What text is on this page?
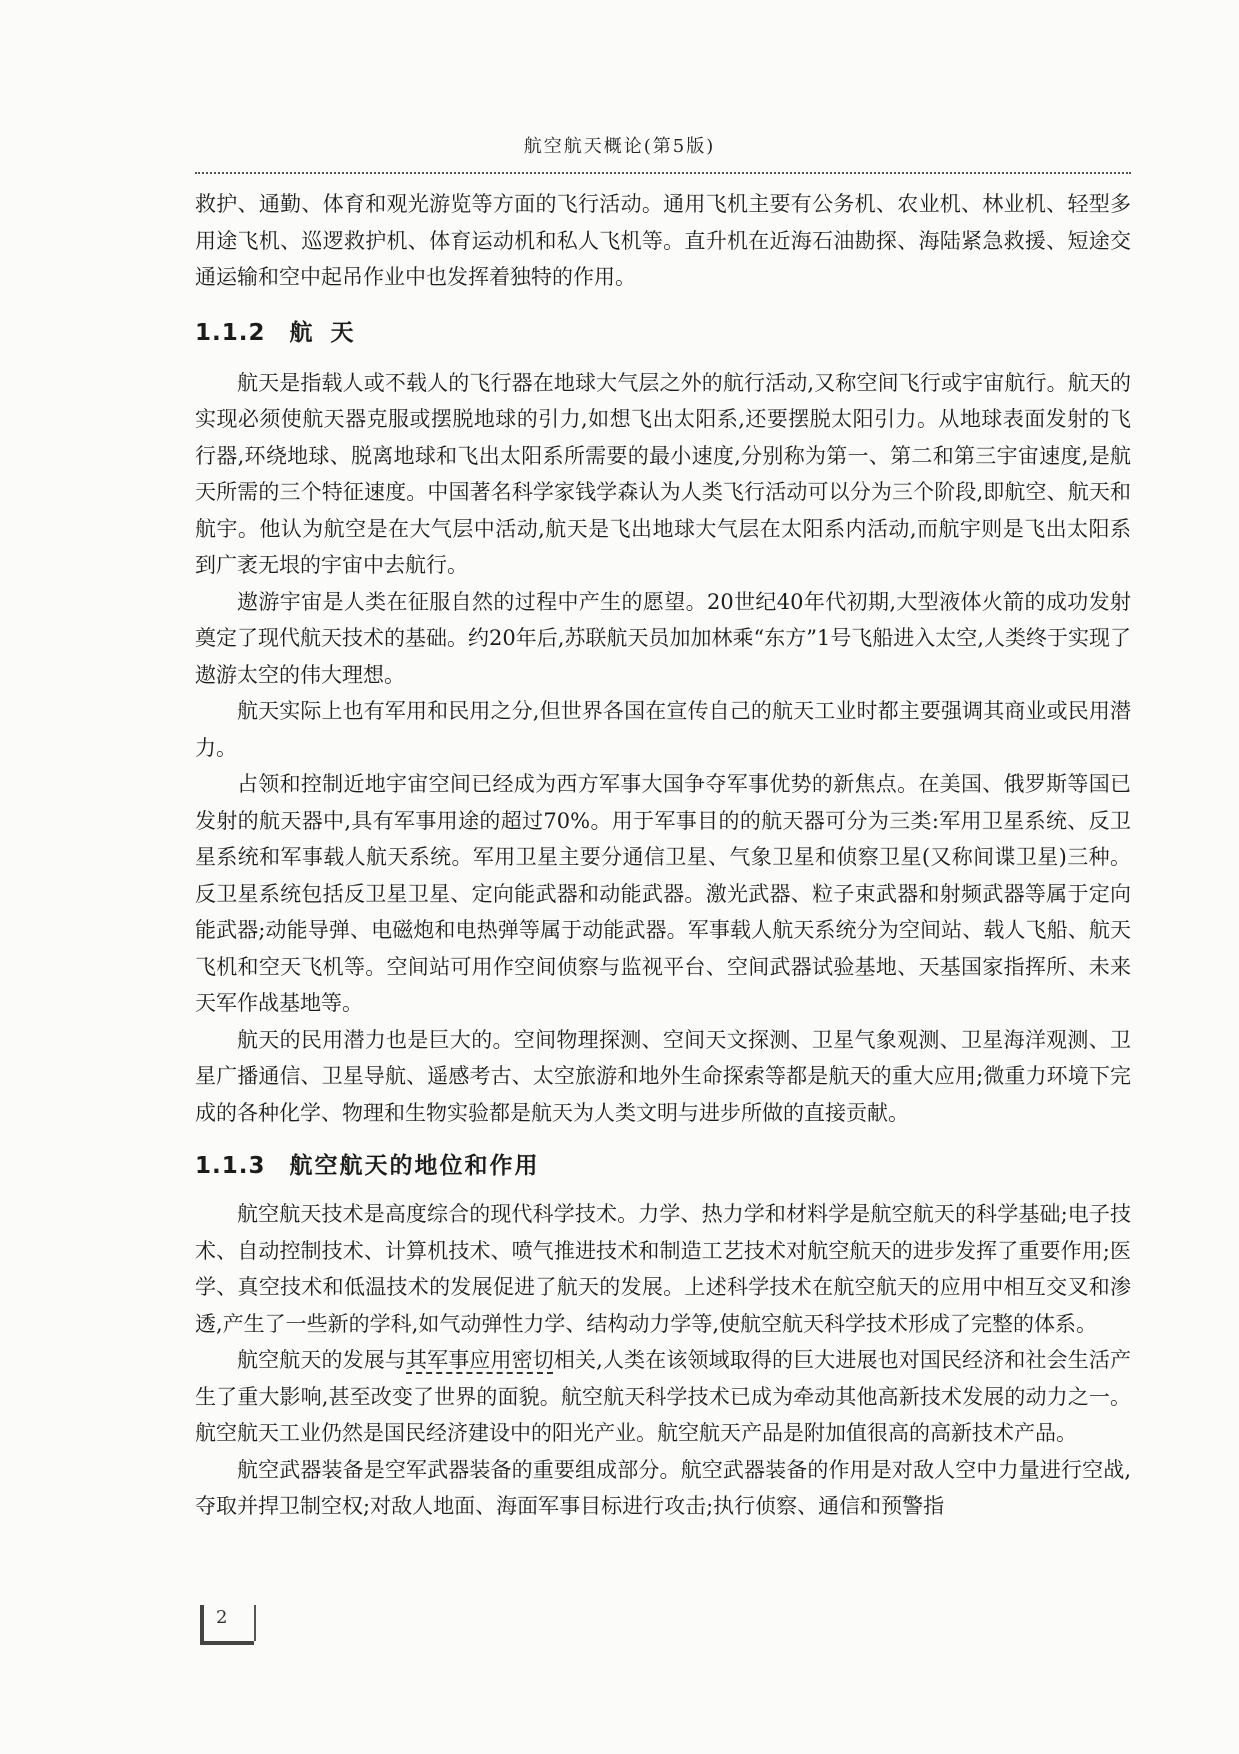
航空航天概论(第5版)

救护、通勤、体育和观光游览等方面的飞行活动。通用飞机主要有公务机、农业机、林业机、轻型多用途飞机、巡逻救护机、体育运动机和私人飞机等。直升机在近海石油勘探、海陆紧急救援、短途交通运输和空中起吊作业中也发挥着独特的作用。

1.1.2 航天

航天是指载人或不载人的飞行器在地球大气层之外的航行活动,又称空间飞行或宇宙航行。航天的实现必须使航天器克服或摆脱地球的引力,如想飞出太阳系,还要摆脱太阳引力。从地球表面发射的飞行器,环绕地球、脱离地球和飞出太阳系所需要的最小速度,分别称为第一、第二和第三宇宙速度,是航天所需的三个特征速度。中国著名科学家钱学森认为人类飞行活动可以分为三个阶段,即航空、航天和航宇。他认为航空是在大气层中活动,航天是飞出地球大气层在太阳系内活动,而航宇则是飞出太阳系到广袤无垠的宇宙中去航行。

遨游宇宙是人类在征服自然的过程中产生的愿望。20世纪40年代初期,大型液体火箭的成功发射奠定了现代航天技术的基础。约20年后,苏联航天员加加林乘“东方”1号飞船进入太空,人类终于实现了遨游太空的伟大理想。

航天实际上也有军用和民用之分,但世界各国在宣传自己的航天工业时都主要强调其商业或民用潜力。

占领和控制近地宇宙空间已经成为西方军事大国争夺军事优势的新焦点。在美国、俄罗斯等国已发射的航天器中,具有军事用途的超过70%。用于军事目的的航天器可分为三类:军用卫星系统、反卫星系统和军事载人航天系统。军用卫星主要分通信卫星、气象卫星和侦察卫星(又称间谍卫星)三种。反卫星系统包括反卫星卫星、定向能武器和动能武器。激光武器、粒子束武器和射频武器等属于定向能武器;动能导弹、电磁炮和电热弹等属于动能武器。军事载人航天系统分为空间站、载人飞船、航天飞机和空天飞机等。空间站可用作空间侦察与监视平台、空间武器试验基地、天基国家指挥所、未来天军作战基地等。

航天的民用潜力也是巨大的。空间物理探测、空间天文探测、卫星气象观测、卫星海洋观测、卫星广播通信、卫星导航、遥感考古、太空旅游和地外生命探索等都是航天的重大应用;微重力环境下完成的各种化学、物理和生物实验都是航天为人类文明与进步所做的直接贡献。

1.1.3 航空航天的地位和作用

航空航天技术是高度综合的现代科学技术。力学、热力学和材料学是航空航天的科学基础;电子技术、自动控制技术、计算机技术、喷气推进技术和制造工艺技术对航空航天的进步发挥了重要作用;医学、真空技术和低温技术的发展促进了航天的发展。上述科学技术在航空航天的应用中相互交叉和渗透,产生了一些新的学科,如气动弹性力学、结构动力学等,使航空航天科学技术形成了完整的体系。

航空航天的发展与其军事应用密切相关,人类在该领域取得的巨大进展也对国民经济和社会生活产生了重大影响,甚至改变了世界的面貌。航空航天科学技术已成为牵动其他高新技术发展的动力之一。航空航天工业仍然是国民经济建设中的阳光产业。航空航天产品是附加值很高的高新技术产品。

航空武器装备是空军武器装备的重要组成部分。航空武器装备的作用是对敌人空中力量进行空战,夺取并捍卫制空权;对敌人地面、海面军事目标进行攻击;执行侦察、通信和预警指

2
